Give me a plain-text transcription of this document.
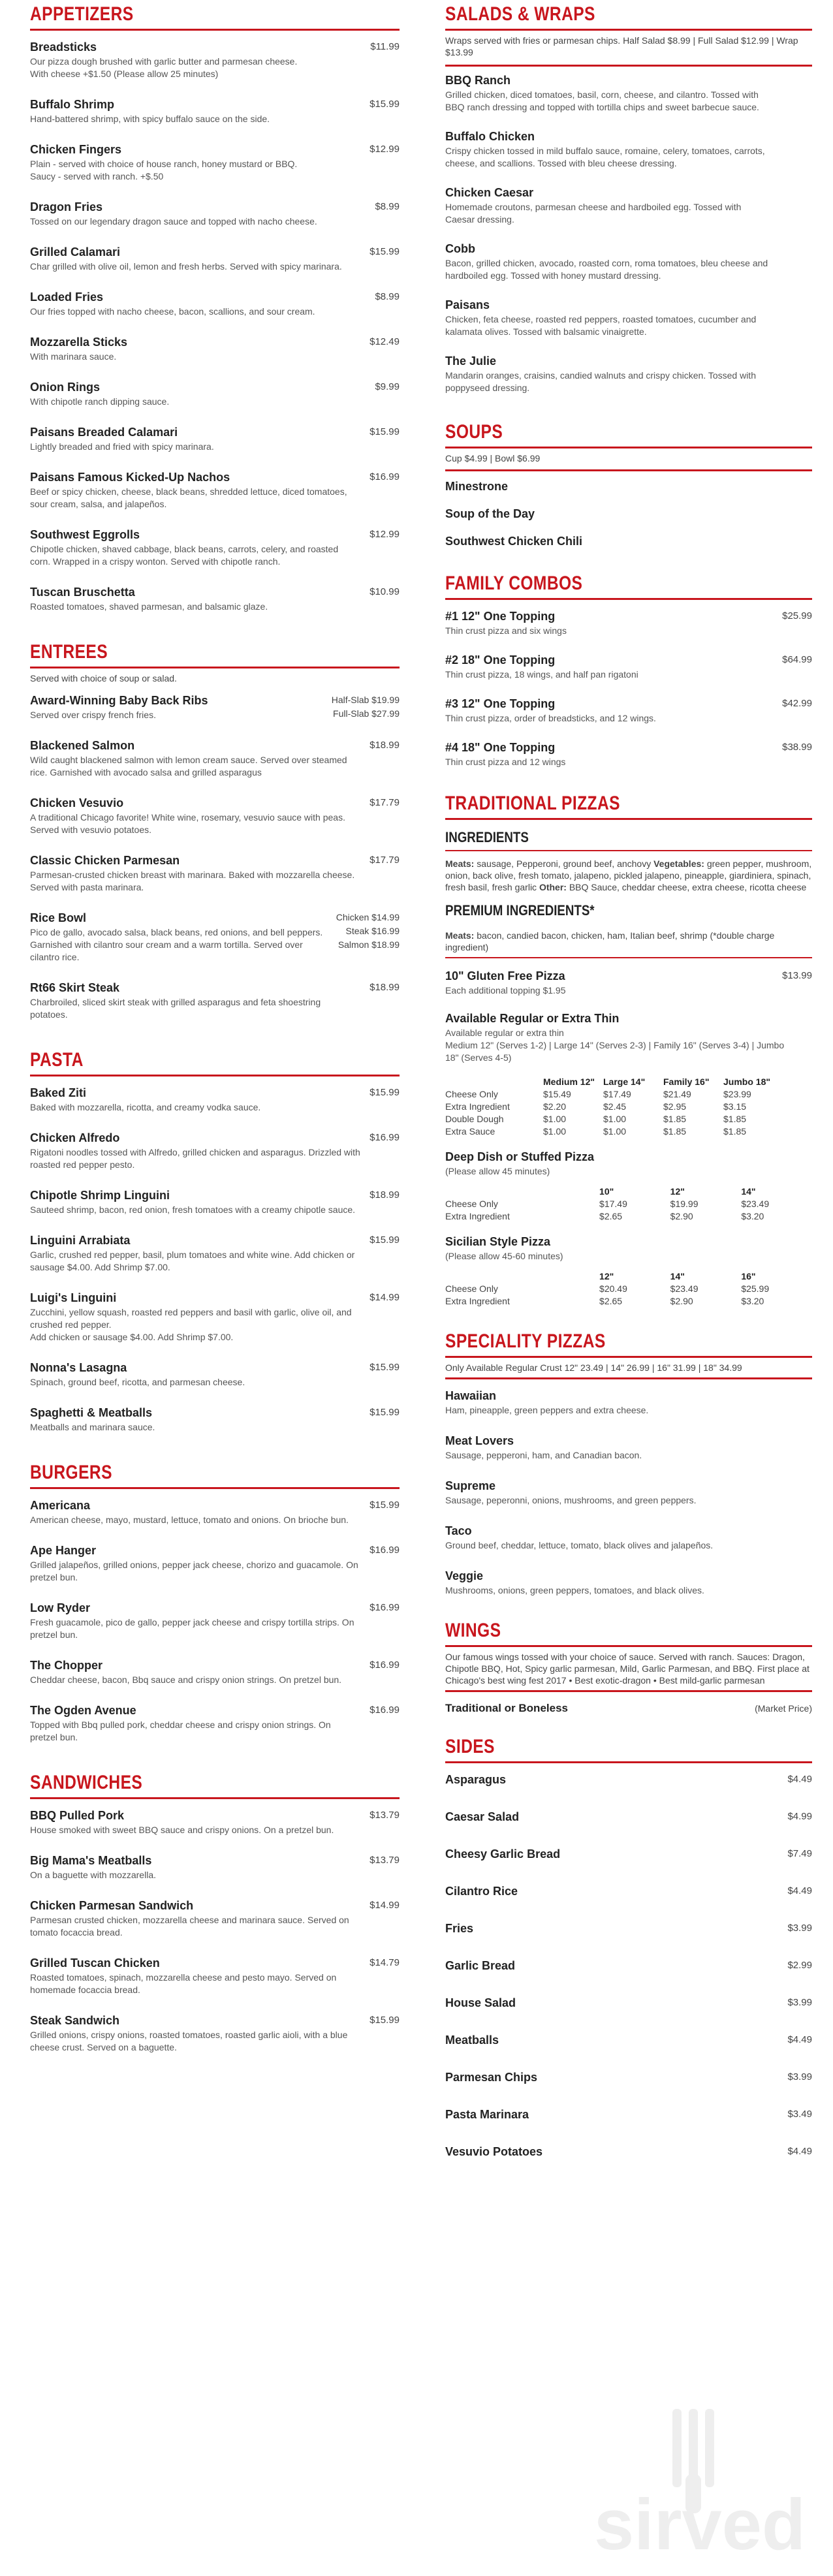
APPETIZERS
Breadsticks	$11.99
Our pizza dough brushed with garlic butter and parmesan cheese.
With cheese +$1.50 (Please allow 25 minutes)
Buffalo Shrimp	$15.99
Hand-battered shrimp, with spicy buffalo sauce on the side.
Chicken Fingers	$12.99
Plain - served with choice of house ranch, honey mustard or BBQ.
Saucy - served with ranch. +$.50
Dragon Fries	$8.99
Tossed on our legendary dragon sauce and topped with nacho cheese.
Grilled Calamari	$15.99
Char grilled with olive oil, lemon and fresh herbs. Served with spicy marinara.
Loaded Fries	$8.99
Our fries topped with nacho cheese, bacon, scallions, and sour cream.
Mozzarella Sticks	$12.49
With marinara sauce.
Onion Rings	$9.99
With chipotle ranch dipping sauce.
Paisans Breaded Calamari	$15.99
Lightly breaded and fried with spicy marinara.
Paisans Famous Kicked-Up Nachos	$16.99
Beef or spicy chicken, cheese, black beans, shredded lettuce, diced tomatoes, sour cream, salsa, and jalapeños.
Southwest Eggrolls	$12.99
Chipotle chicken, shaved cabbage, black beans, carrots, celery, and roasted corn. Wrapped in a crispy wonton. Served with chipotle ranch.
Tuscan Bruschetta	$10.99
Roasted tomatoes, shaved parmesan, and balsamic glaze.
ENTREES
Served with choice of soup or salad.
Award-Winning Baby Back Ribs	Half-Slab $19.99
Full-Slab $27.99
Served over crispy french fries.
Blackened Salmon	$18.99
Wild caught blackened salmon with lemon cream sauce. Served over steamed rice. Garnished with avocado salsa and grilled asparagus
Chicken Vesuvio	$17.79
A traditional Chicago favorite! White wine, rosemary, vesuvio sauce with peas. Served with vesuvio potatoes.
Classic Chicken Parmesan	$17.79
Parmesan-crusted chicken breast with marinara. Baked with mozzarella cheese. Served with pasta marinara.
Rice Bowl	Chicken $14.99
Steak $16.99
Salmon $18.99
Pico de gallo, avocado salsa, black beans, red onions, and bell peppers. Garnished with cilantro sour cream and a warm tortilla. Served over cilantro rice.
Rt66 Skirt Steak	$18.99
Charbroiled, sliced skirt steak with grilled asparagus and feta shoestring potatoes.
PASTA
Baked Ziti	$15.99
Baked with mozzarella, ricotta, and creamy vodka sauce.
Chicken Alfredo	$16.99
Rigatoni noodles tossed with Alfredo, grilled chicken and asparagus. Drizzled with roasted red pepper pesto.
Chipotle Shrimp Linguini	$18.99
Sauteed shrimp, bacon, red onion, fresh tomatoes with a creamy chipotle sauce.
Linguini Arrabiata	$15.99
Garlic, crushed red pepper, basil, plum tomatoes and white wine. Add chicken or sausage $4.00. Add Shrimp $7.00.
Luigi's Linguini	$14.99
Zucchini, yellow squash, roasted red peppers and basil with garlic, olive oil, and crushed red pepper.
Add chicken or sausage $4.00. Add Shrimp $7.00.
Nonna's Lasagna	$15.99
Spinach, ground beef, ricotta, and parmesan cheese.
Spaghetti & Meatballs	$15.99
Meatballs and marinara sauce.
BURGERS
Americana	$15.99
American cheese, mayo, mustard, lettuce, tomato and onions. On brioche bun.
Ape Hanger	$16.99
Grilled jalapeños, grilled onions, pepper jack cheese, chorizo and guacamole. On pretzel bun.
Low Ryder	$16.99
Fresh guacamole, pico de gallo, pepper jack cheese and crispy tortilla strips. On pretzel bun.
The Chopper	$16.99
Cheddar cheese, bacon, Bbq sauce and crispy onion strings. On pretzel bun.
The Ogden Avenue	$16.99
Topped with Bbq pulled pork, cheddar cheese and crispy onion strings. On pretzel bun.
SANDWICHES
BBQ Pulled Pork	$13.79
House smoked with sweet BBQ sauce and crispy onions. On a pretzel bun.
Big Mama's Meatballs	$13.79
On a baguette with mozzarella.
Chicken Parmesan Sandwich	$14.99
Parmesan crusted chicken, mozzarella cheese and marinara sauce. Served on tomato focaccia bread.
Grilled Tuscan Chicken	$14.79
Roasted tomatoes, spinach, mozzarella cheese and pesto mayo. Served on homemade focaccia bread.
Steak Sandwich	$15.99
Grilled onions, crispy onions, roasted tomatoes, roasted garlic aioli, with a blue cheese crust. Served on a baguette.
SALADS & WRAPS
Wraps served with fries or parmesan chips. Half Salad $8.99 | Full Salad $12.99 | Wrap $13.99
BBQ Ranch
Grilled chicken, diced tomatoes, basil, corn, cheese, and cilantro. Tossed with BBQ ranch dressing and topped with tortilla chips and sweet barbecue sauce.
Buffalo Chicken
Crispy chicken tossed in mild buffalo sauce, romaine, celery, tomatoes, carrots, cheese, and scallions. Tossed with bleu cheese dressing.
Chicken Caesar
Homemade croutons, parmesan cheese and hardboiled egg. Tossed with Caesar dressing.
Cobb
Bacon, grilled chicken, avocado, roasted corn, roma tomatoes, bleu cheese and hardboiled egg. Tossed with honey mustard dressing.
Paisans
Chicken, feta cheese, roasted red peppers, roasted tomatoes, cucumber and kalamata olives. Tossed with balsamic vinaigrette.
The Julie
Mandarin oranges, craisins, candied walnuts and crispy chicken. Tossed with poppyseed dressing.
SOUPS
Cup $4.99 | Bowl $6.99
Minestrone
Soup of the Day
Southwest Chicken Chili
FAMILY COMBOS
#1 12" One Topping	$25.99
Thin crust pizza and six wings
#2 18" One Topping	$64.99
Thin crust pizza, 18 wings, and half pan rigatoni
#3 12" One Topping	$42.99
Thin crust pizza, order of breadsticks, and 12 wings.
#4 18" One Topping	$38.99
Thin crust pizza and 12 wings
TRADITIONAL PIZZAS
INGREDIENTS
Meats: sausage, Pepperoni, ground beef, anchovy Vegetables: green pepper, mushroom, onion, back olive, fresh tomato, jalapeno, pickled jalapeno, pineapple, giardiniera, spinach, fresh basil, fresh garlic Other: BBQ Sauce, cheddar cheese, extra cheese, ricotta cheese
PREMIUM INGREDIENTS*
Meats: bacon, candied bacon, chicken, ham, Italian beef, shrimp (*double charge ingredient)
10" Gluten Free Pizza	$13.99
Each additional topping $1.95
Available Regular or Extra Thin
Available regular or extra thin
Medium 12" (Serves 1-2) | Large 14" (Serves 2-3) | Family 16" (Serves 3-4) | Jumbo 18" (Serves 4-5)
	Medium 12"	Large 14"	Family 16"	Jumbo 18"
Cheese Only	$15.49	$17.49	$21.49	$23.99
Extra Ingredient	$2.20	$2.45	$2.95	$3.15
Double Dough	$1.00	$1.00	$1.85	$1.85
Extra Sauce	$1.00	$1.00	$1.85	$1.85
Deep Dish or Stuffed Pizza
(Please allow 45 minutes)
	10"	12"	14"
Cheese Only	$17.49	$19.99	$23.49
Extra Ingredient	$2.65	$2.90	$3.20
Sicilian Style Pizza
(Please allow 45-60 minutes)
	12"	14"	16"
Cheese Only	$20.49	$23.49	$25.99
Extra Ingredient	$2.65	$2.90	$3.20
SPECIALITY PIZZAS
Only Available Regular Crust 12" 23.49 | 14" 26.99 | 16" 31.99 | 18" 34.99
Hawaiian
Ham, pineapple, green peppers and extra cheese.
Meat Lovers
Sausage, pepperoni, ham, and Canadian bacon.
Supreme
Sausage, peperonni, onions, mushrooms, and green peppers.
Taco
Ground beef, cheddar, lettuce, tomato, black olives and jalapeños.
Veggie
Mushrooms, onions, green peppers, tomatoes, and black olives.
WINGS
Our famous wings tossed with your choice of sauce. Served with ranch. Sauces: Dragon, Chipotle BBQ, Hot, Spicy garlic parmesan, Mild, Garlic Parmesan, and BBQ. First place at Chicago's best wing fest 2017 • Best exotic-dragon • Best mild-garlic parmesan
Traditional or Boneless	(Market Price)
SIDES
Asparagus	$4.49
Caesar Salad	$4.99
Cheesy Garlic Bread	$7.49
Cilantro Rice	$4.49
Fries	$3.99
Garlic Bread	$2.99
House Salad	$3.99
Meatballs	$4.49
Parmesan Chips	$3.99
Pasta Marinara	$3.49
Vesuvio Potatoes	$4.49
sirved
